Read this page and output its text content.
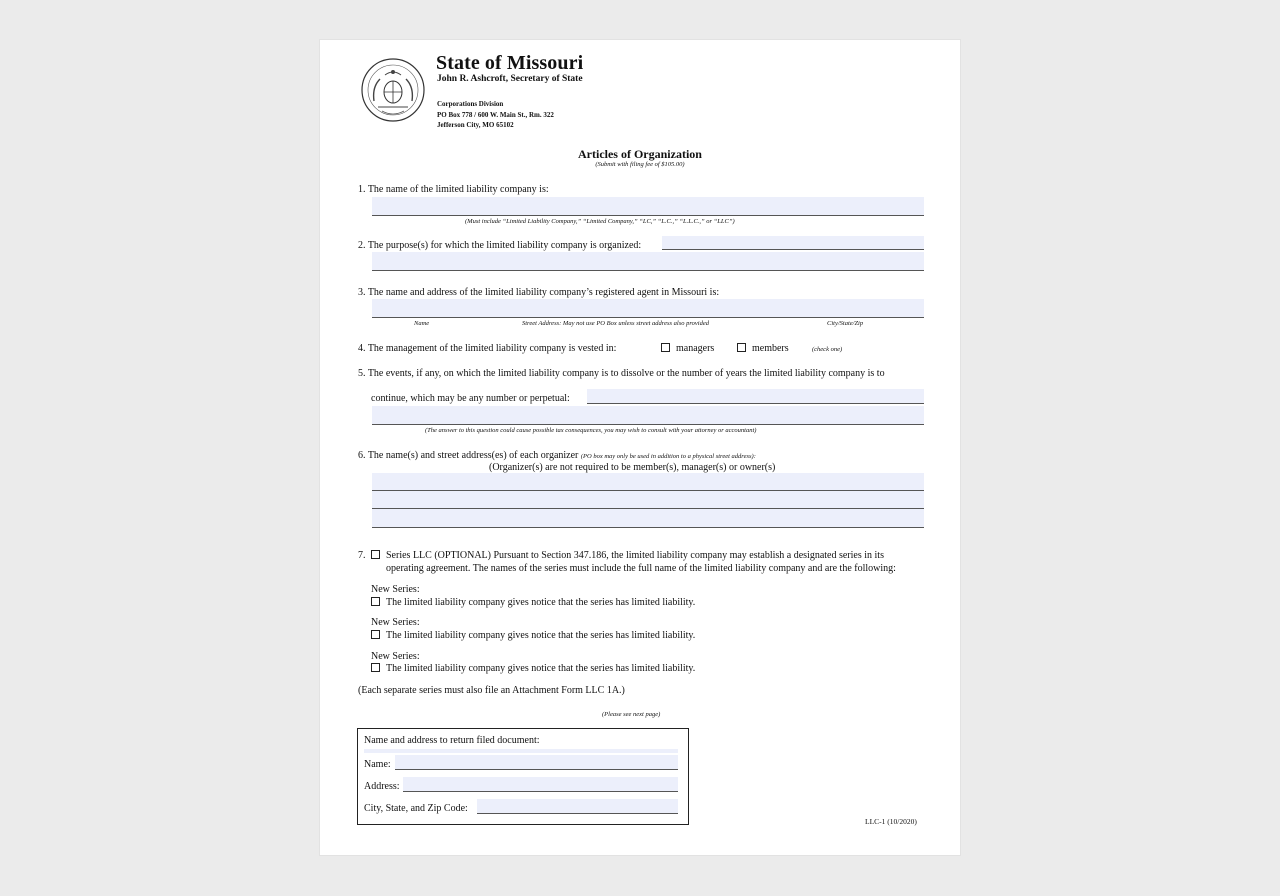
State of Missouri
John R. Ashcroft, Secretary of State
Corporations Division
PO Box 778 / 600 W. Main St., Rm. 322
Jefferson City, MO 65102
Articles of Organization
(Submit with filing fee of $105.00)
1. The name of the limited liability company is:
(Must include “Limited Liability Company,” “Limited Company,” “LC,” “L.C.,” “L.L.C.,” or “LLC”)
2. The purpose(s) for which the limited liability company is organized:
3. The name and address of the limited liability company’s registered agent in Missouri is:
Name	Street Address: May not use PO Box unless street address also provided	City/State/Zip
4. The management of the limited liability company is vested in:	managers	members	(check one)
5. The events, if any, on which the limited liability company is to dissolve or the number of years the limited liability company is to
continue, which may be any number or perpetual:
(The answer to this question could cause possible tax consequences, you may wish to consult with your attorney or accountant)
6. The name(s) and street address(es) of each organizer (PO box may only be used in addition to a physical street address):
(Organizer(s) are not required to be member(s), manager(s) or owner(s)
7.	Series LLC (OPTIONAL) Pursuant to Section 347.186, the limited liability company may establish a designated series in its
operating agreement. The names of the series must include the full name of the limited liability company and are the following:
New Series:
The limited liability company gives notice that the series has limited liability.
New Series:
The limited liability company gives notice that the series has limited liability.
New Series:
The limited liability company gives notice that the series has limited liability.
(Each separate series must also file an Attachment Form LLC 1A.)
(Please see next page)
Name and address to return filed document:
Name:
Address:
City, State, and Zip Code:
LLC-1 (10/2020)
